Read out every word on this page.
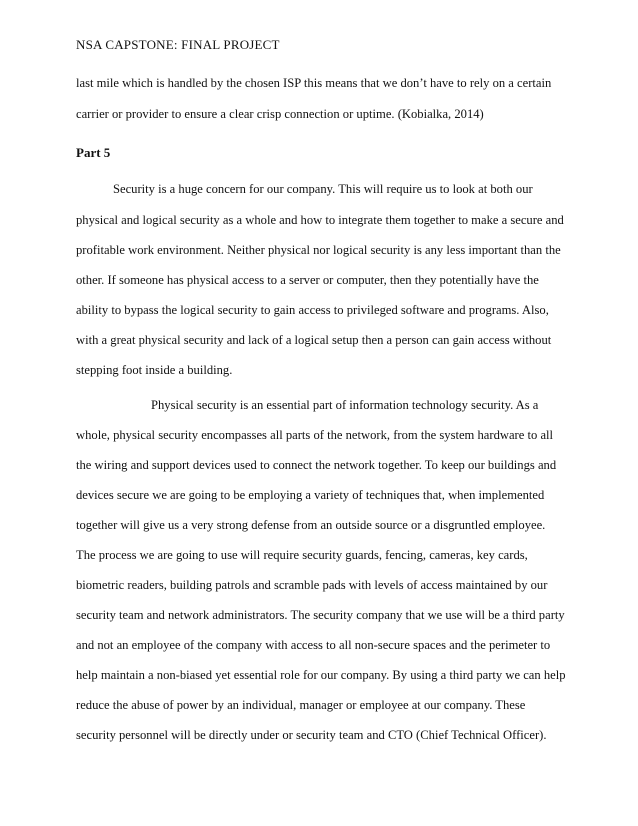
NSA CAPSTONE: FINAL PROJECT
last mile which is handled by the chosen ISP this means that we don’t have to rely on a certain
carrier or provider to ensure a clear crisp connection or uptime. (Kobialka, 2014)
Part 5
Security is a huge concern for our company. This will require us to look at both our
physical and logical security as a whole and how to integrate them together to make a secure and
profitable work environment. Neither physical nor logical security is any less important than the
other. If someone has physical access to a server or computer, then they potentially have the
ability to bypass the logical security to gain access to privileged software and programs. Also,
with a great physical security and lack of a logical setup then a person can gain access without
stepping foot inside a building.
Physical security is an essential part of information technology security. As a
whole, physical security encompasses all parts of the network, from the system hardware to all
the wiring and support devices used to connect the network together. To keep our buildings and
devices secure we are going to be employing a variety of techniques that, when implemented
together will give us a very strong defense from an outside source or a disgruntled employee.
The process we are going to use will require security guards, fencing, cameras, key cards,
biometric readers, building patrols and scramble pads with levels of access maintained by our
security team and network administrators. The security company that we use will be a third party
and not an employee of the company with access to all non-secure spaces and the perimeter to
help maintain a non-biased yet essential role for our company. By using a third party we can help
reduce the abuse of power by an individual, manager or employee at our company. These
security personnel will be directly under or security team and CTO (Chief Technical Officer).
